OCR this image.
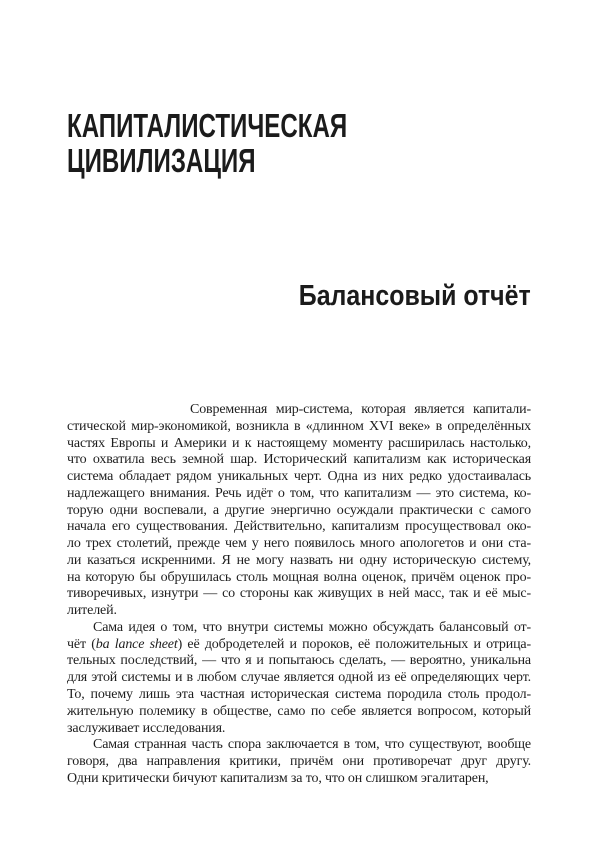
КАПИТАЛИСТИЧЕСКАЯ
ЦИВИЛИЗАЦИЯ
Балансовый отчёт
Современная мир-система, которая является капитали-
стической мир-экономикой, возникла в «длинном XVI веке» в определённых
частях Европы и Америки и к настоящему моменту расширилась настолько,
что охватила весь земной шар. Исторический капитализм как историческая
система обладает рядом уникальных черт. Одна из них редко удостаивалась
надлежащего внимания. Речь идёт о том, что капитализм — это система, ко-
торую одни воспевали, а другие энергично осуждали практически с самого
начала его существования. Действительно, капитализм просуществовал око-
ло трех столетий, прежде чем у него появилось много апологетов и они ста-
ли казаться искренними. Я не могу назвать ни одну историческую систему,
на которую бы обрушилась столь мощная волна оценок, причём оценок про-
тиворечивых, изнутри — со стороны как живущих в ней масс, так и её мыс-
лителей.
Сама идея о том, что внутри системы можно обсуждать балансовый от-
чёт (ba lance sheet) её добродетелей и пороков, её положительных и отрица-
тельных последствий, — что я и попытаюсь сделать, — вероятно, уникальна
для этой системы и в любом случае является одной из её определяющих черт.
То, почему лишь эта частная историческая система породила столь продол-
жительную полемику в обществе, само по себе является вопросом, который
заслуживает исследования.
Самая странная часть спора заключается в том, что существуют, вообще
говоря, два направления критики, причём они противоречат друг другу.
Одни критически бичуют капитализм за то, что он слишком эгалитарен,
